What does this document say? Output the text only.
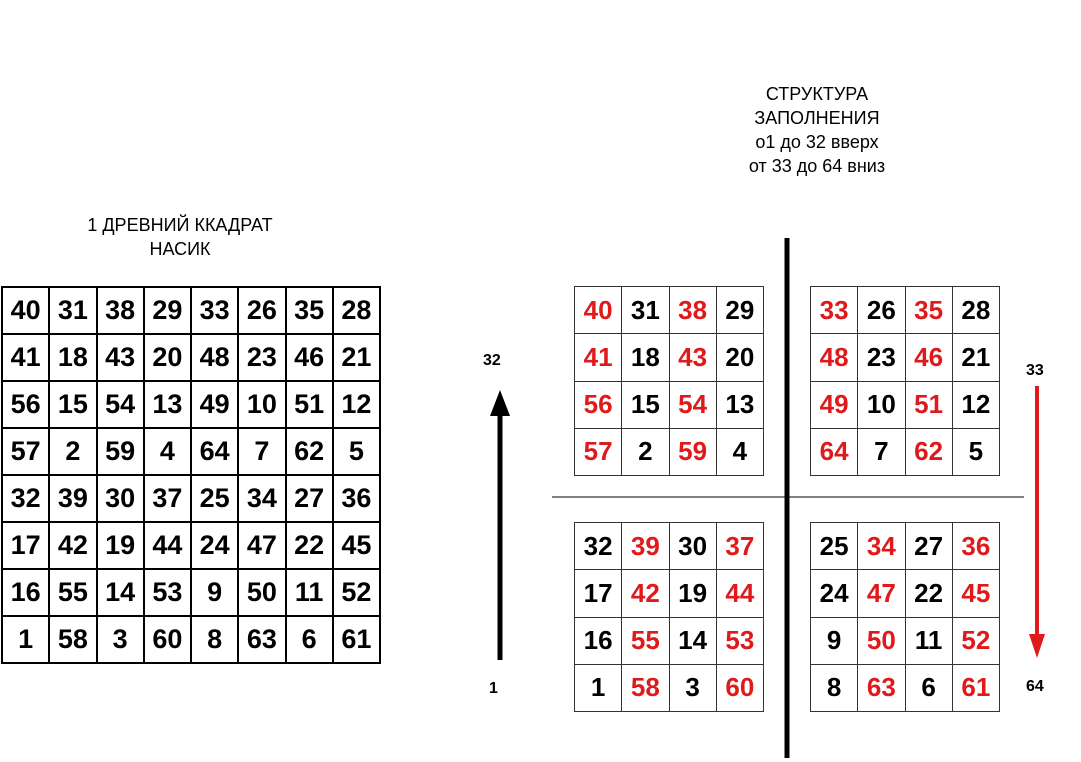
1 ДРЕВНИЙ ККАДРАТ
НАСИК
СТРУКТУРА
ЗАПОЛНЕНИЯ
о1 до 32 вверх
от 33 до 64 вниз
40	31	38	29	33	26	35	28
41	18	43	20	48	23	46	21
56	15	54	13	49	10	51	12
57	2	59	4	64	7	62	5
32	39	30	37	25	34	27	36
17	42	19	44	24	47	22	45
16	55	14	53	9	50	11	52
1	58	3	60	8	63	6	61
40	31	38	29
41	18	43	20
56	15	54	13
57	2	59	4
33	26	35	28
48	23	46	21
49	10	51	12
64	7	62	5
32	39	30	37
17	42	19	44
16	55	14	53
1	58	3	60
25	34	27	36
24	47	22	45
9	50	11	52
8	63	6	61
32
1
33
64
